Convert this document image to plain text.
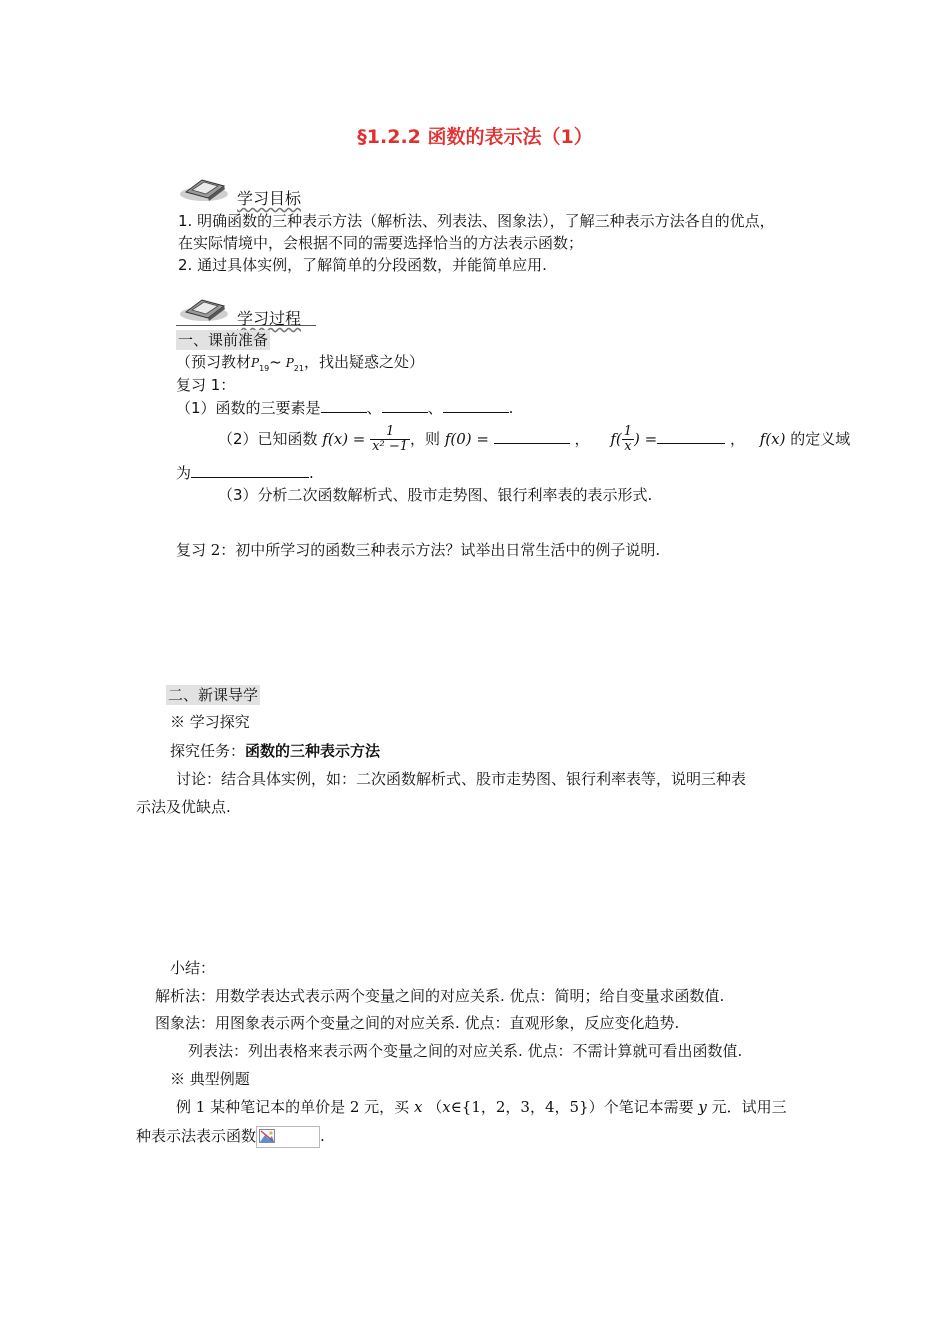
§1.2.2 函数的表示法（1）
学习目标
1. 明确函数的三种表示方法（解析法、列表法、图象法），了解三种表示方法各自的优点，
在实际情境中，会根据不同的需要选择恰当的方法表示函数；
2. 通过具体实例，了解简单的分段函数，并能简单应用.
学习过程
一、课前准备
（预习教材$P_{19}\sim$ $P_{21}$，找出疑惑之处）
复习 1：
（1）函数的三要素是	、	、	.
（2）已知函数 $f(x) = \frac{1}{\text{x² −1}}$ ，则 f(0) =	， $f( \frac{1}{x}$ ) =	， f(x) 的定义域
为	.
（3）分析二次函数解析式、股市走势图、银行利率表的表示形式.
复习 2：初中所学习的函数三种表示方法？试举出日常生活中的例子说明.
二、新课导学
※ 学习探究
探究任务：函数的三种表示方法
讨论：结合具体实例，如：二次函数解析式、股市走势图、银行利率表等，说明三种表
示法及优缺点.
小结：
解析法：用数学表达式表示两个变量之间的对应关系. 优点：简明；给自变量求函数值.
图象法：用图象表示两个变量之间的对应关系. 优点：直观形象，反应变化趋势.
列表法：列出表格来表示两个变量之间的对应关系. 优点：不需计算就可看出函数值.
※ 典型例题
例 1 某种笔记本的单价是 2 元，买 x （x∈{1，2，3，4，5}）个笔记本需要 y 元．试用三
种表示法表示函数	.
